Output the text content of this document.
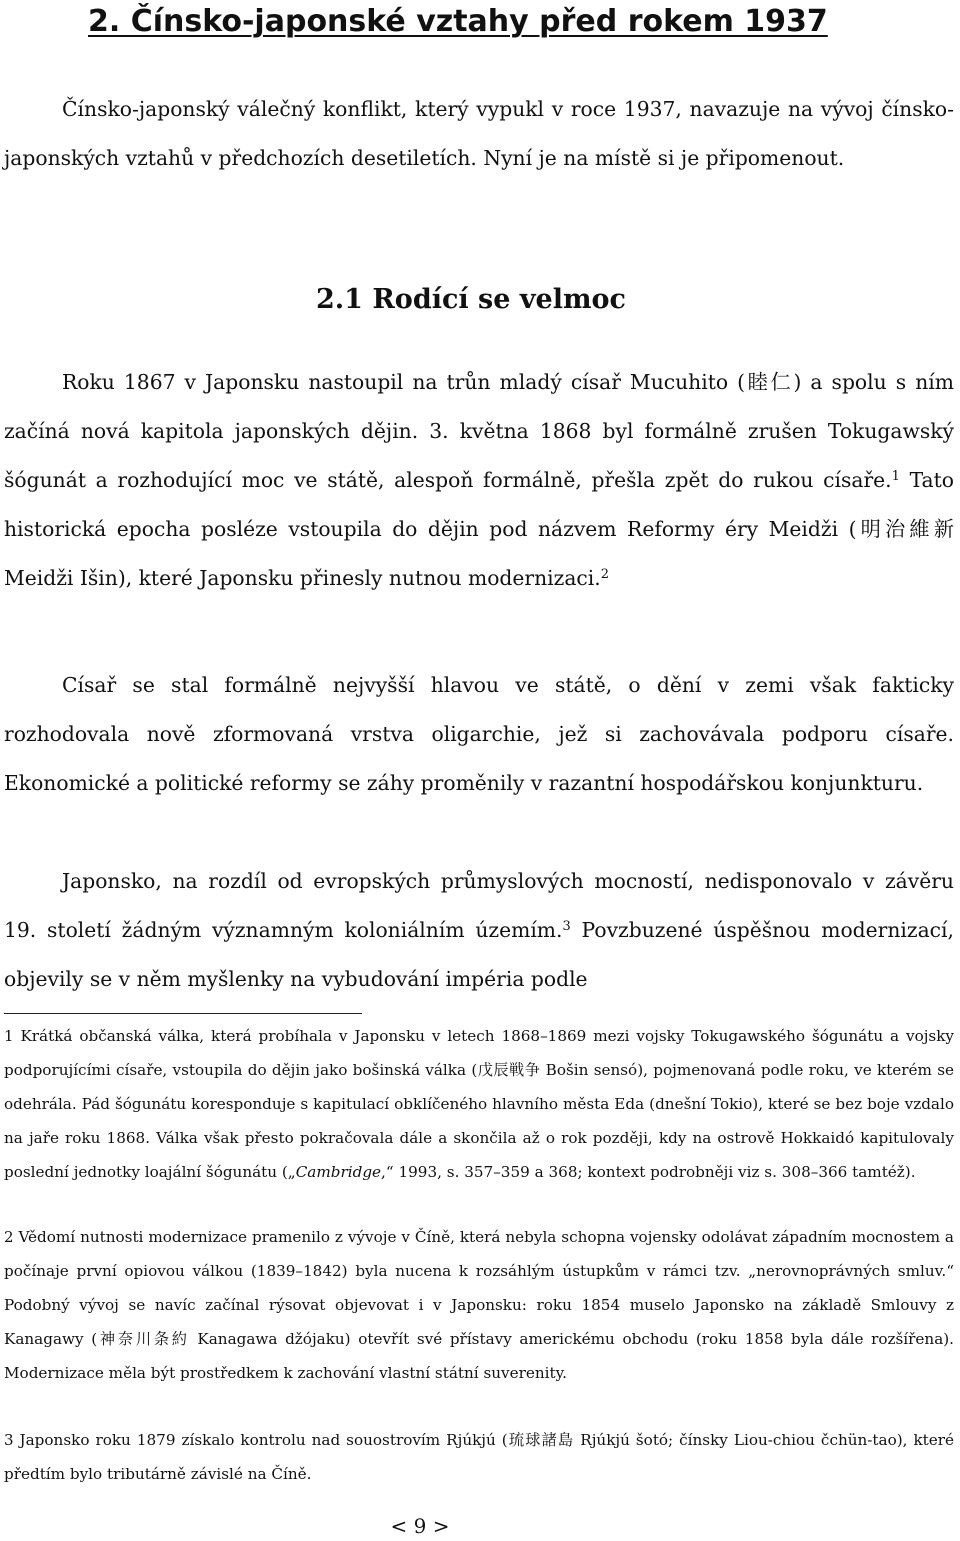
2. Čínsko-japonské vztahy před rokem 1937

Čínsko-japonský válečný konflikt, který vypukl v roce 1937, navazuje na vývoj čínsko-japonských vztahů v předchozích desetiletích. Nyní je na místě si je připomenout.

2.1 Rodící se velmoc

Roku 1867 v Japonsku nastoupil na trůn mladý císař Mucuhito (睦仁) a spolu s ním začíná nová kapitola japonských dějin. 3. května 1868 byl formálně zrušen Tokugawský šógunát a rozhodující moc ve státě, alespoň formálně, přešla zpět do rukou císaře.$^1$ Tato historická epocha posléze vstoupila do dějin pod názvem Reformy éry Meidži (明治維新 Meidži Išin), které Japonsku přinesly nutnou modernizaci.$^2$

Císař se stal formálně nejvyšší hlavou ve státě, o dění v zemi však fakticky rozhodovala nově zformovaná vrstva oligarchie, jež si zachovávala podporu císaře. Ekonomické a politické reformy se záhy proměnily v razantní hospodářskou konjunkturu.

Japonsko, na rozdíl od evropských průmyslových mocností, nedisponovalo v závěru 19. století žádným významným koloniálním územím.$^3$ Povzbuzené úspěšnou modernizací, objevily se v něm myšlenky na vybudování impéria podle

1 Krátká občanská válka, která probíhala v Japonsku v letech 1868–1869 mezi vojsky Tokugawského šógunátu a vojsky podporujícími císaře, vstoupila do dějin jako bošinská válka (戊辰戦争 Bošin sensó), pojmenovaná podle roku, ve kterém se odehrála. Pád šógunátu koresponduje s kapitulací obklíčeného hlavního města Eda (dnešní Tokio), které se bez boje vzdalo na jaře roku 1868. Válka však přesto pokračovala dále a skončila až o rok později, kdy na ostrově Hokkaidó kapitulovaly poslední jednotky loajální šógunátu („Cambridge,“ 1993, s. 357–359 a 368; kontext podrobněji viz s. 308–366 tamtéž).

2 Vědomí nutnosti modernizace pramenilo z vývoje v Číně, která nebyla schopna vojensky odolávat západním mocnostem a počínaje první opiovou válkou (1839–1842) byla nucena k rozsáhlým ústupkům v rámci tzv. „nerovnoprávných smluv.“ Podobný vývoj se navíc začínal rýsovat objevovat i v Japonsku: roku 1854 muselo Japonsko na základě Smlouvy z Kanagawy (神奈川条約 Kanagawa džójaku) otevřít své přístavy americkému obchodu (roku 1858 byla dále rozšířena). Modernizace měla být prostředkem k zachování vlastní státní suverenity.

3 Japonsko roku 1879 získalo kontrolu nad souostrovím Rjúkjú (琉球諸島 Rjúkjú šotó; čínsky Liou-chiou čchün-tao), které předtím bylo tributárně závislé na Číně.

< 9 >
